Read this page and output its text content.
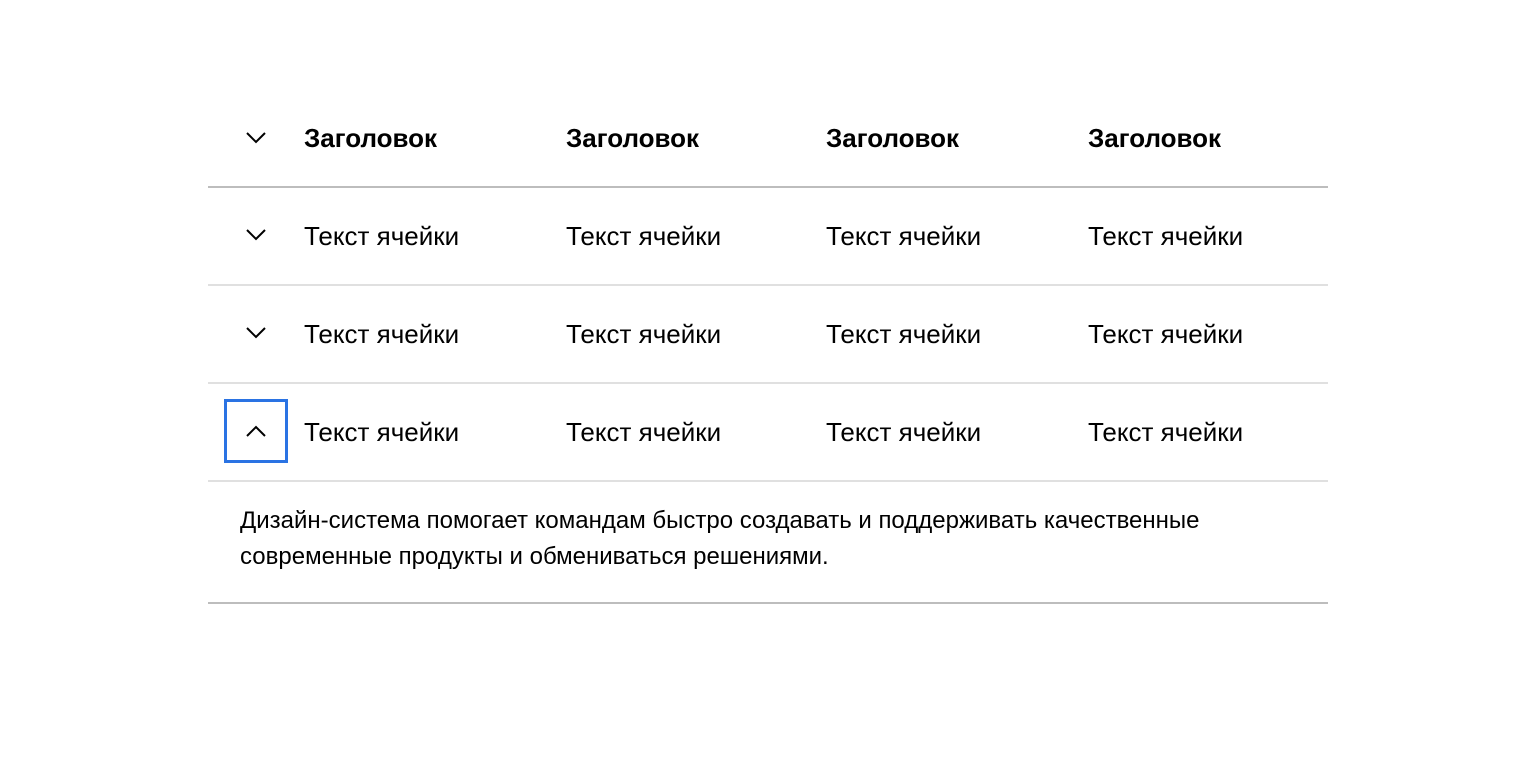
Заголовок	Заголовок	Заголовок	Заголовок
Текст ячейки	Текст ячейки	Текст ячейки	Текст ячейки
Текст ячейки	Текст ячейки	Текст ячейки	Текст ячейки
Текст ячейки	Текст ячейки	Текст ячейки	Текст ячейки

Дизайн-система помогает командам быстро создавать и поддерживать качественные современные продукты и обмениваться решениями.
